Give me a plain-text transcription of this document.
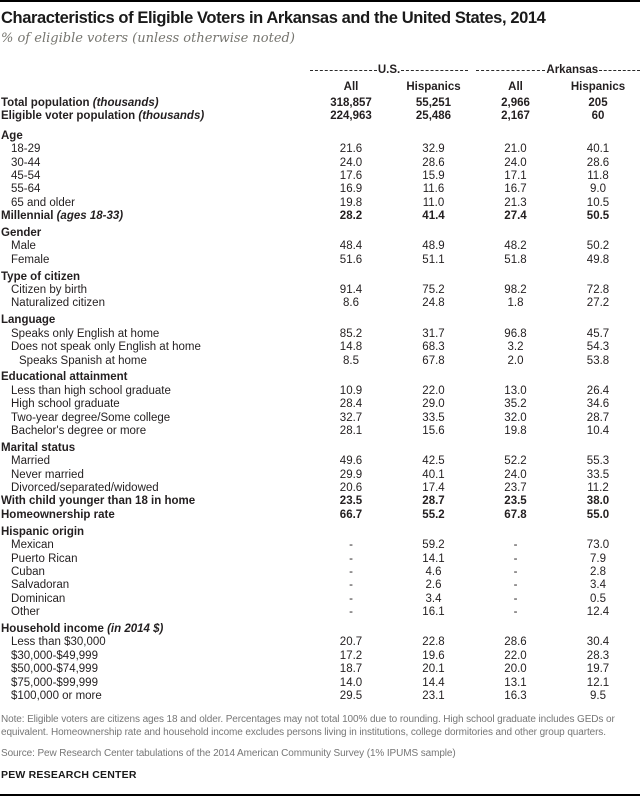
Characteristics of Eligible Voters in Arkansas and the United States, 2014

% of eligible voters (unless otherwise noted)

U.S.	Arkansas
All	Hispanics	All	Hispanics
Total population (thousands)	318,857	55,251	2,966	205
Eligible voter population (thousands)	224,963	25,486	2,167	60
Age
18-29	21.6	32.9	21.0	40.1
30-44	24.0	28.6	24.0	28.6
45-54	17.6	15.9	17.1	11.8
55-64	16.9	11.6	16.7	9.0
65 and older	19.8	11.0	21.3	10.5
Millennial (ages 18-33)	28.2	41.4	27.4	50.5
Gender
Male	48.4	48.9	48.2	50.2
Female	51.6	51.1	51.8	49.8
Type of citizen
Citizen by birth	91.4	75.2	98.2	72.8
Naturalized citizen	8.6	24.8	1.8	27.2
Language
Speaks only English at home	85.2	31.7	96.8	45.7
Does not speak only English at home	14.8	68.3	3.2	54.3
Speaks Spanish at home	8.5	67.8	2.0	53.8
Educational attainment
Less than high school graduate	10.9	22.0	13.0	26.4
High school graduate	28.4	29.0	35.2	34.6
Two-year degree/Some college	32.7	33.5	32.0	28.7
Bachelor's degree or more	28.1	15.6	19.8	10.4
Marital status
Married	49.6	42.5	52.2	55.3
Never married	29.9	40.1	24.0	33.5
Divorced/separated/widowed	20.6	17.4	23.7	11.2
With child younger than 18 in home	23.5	28.7	23.5	38.0
Homeownership rate	66.7	55.2	67.8	55.0
Hispanic origin
Mexican	-	59.2	-	73.0
Puerto Rican	-	14.1	-	7.9
Cuban	-	4.6	-	2.8
Salvadoran	-	2.6	-	3.4
Dominican	-	3.4	-	0.5
Other	-	16.1	-	12.4
Household income (in 2014 $)
Less than $30,000	20.7	22.8	28.6	30.4
$30,000-$49,999	17.2	19.6	22.0	28.3
$50,000-$74,999	18.7	20.1	20.0	19.7
$75,000-$99,999	14.0	14.4	13.1	12.1
$100,000 or more	29.5	23.1	16.3	9.5

Note: Eligible voters are citizens ages 18 and older. Percentages may not total 100% due to rounding. High school graduate includes GEDs or equivalent. Homeownership rate and household income excludes persons living in institutions, college dormitories and other group quarters.

Source: Pew Research Center tabulations of the 2014 American Community Survey (1% IPUMS sample)

PEW RESEARCH CENTER
